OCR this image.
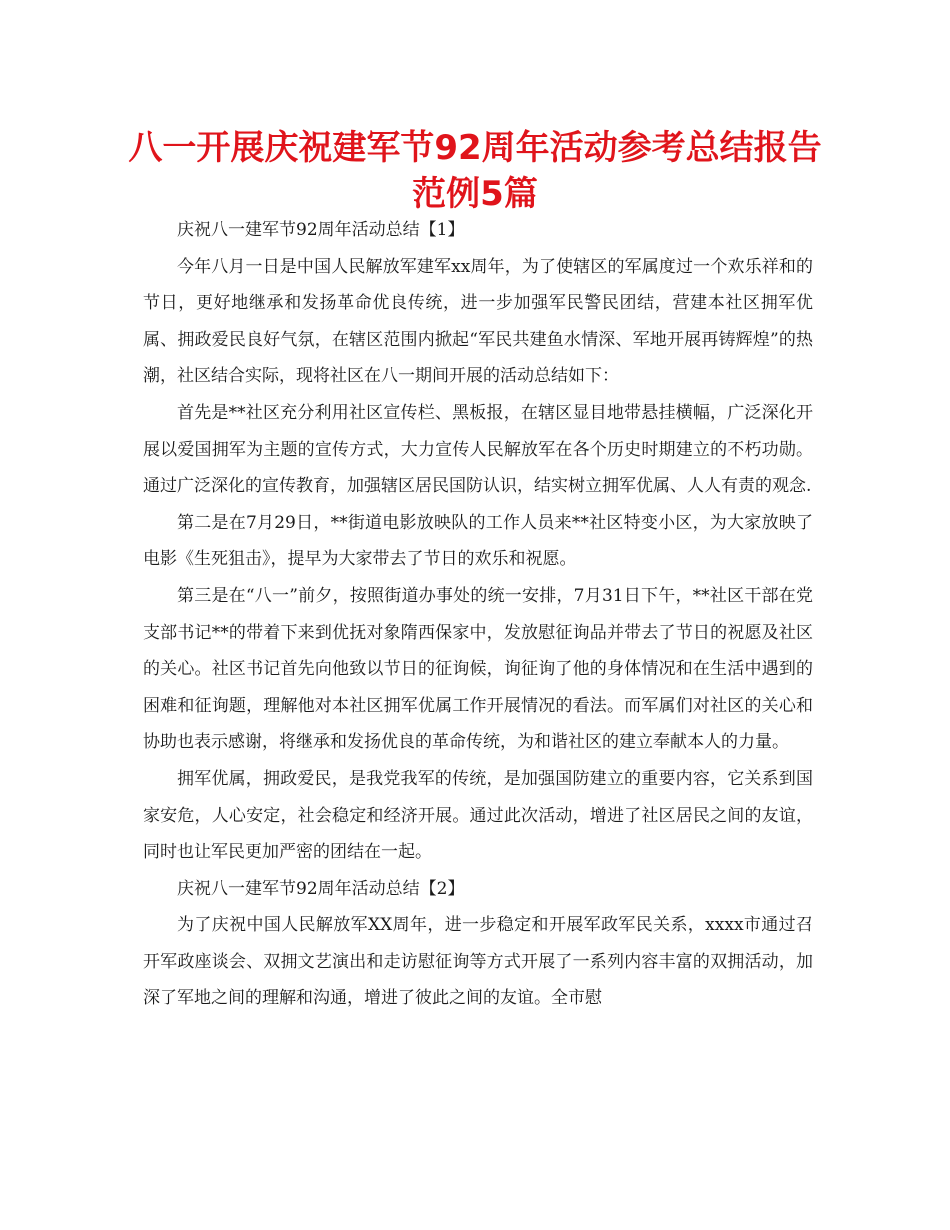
八一开展庆祝建军节92周年活动参考总结报告
范例5篇

庆祝八一建军节92周年活动总结【1】

今年八月一日是中国人民解放军建军xx周年，为了使辖区的军属度过一个欢乐祥和的节日，更好地继承和发扬革命优良传统，进一步加强军民警民团结，营建本社区拥军优属、拥政爱民良好气氛，在辖区范围内掀起“军民共建鱼水情深、军地开展再铸辉煌”的热潮，社区结合实际，现将社区在八一期间开展的活动总结如下：

首先是**社区充分利用社区宣传栏、黑板报，在辖区显目地带悬挂横幅，广泛深化开展以爱国拥军为主题的宣传方式，大力宣传人民解放军在各个历史时期建立的不朽功勋。通过广泛深化的宣传教育，加强辖区居民国防认识，结实树立拥军优属、人人有责的观念.

第二是在7月29日，**街道电影放映队的工作人员来**社区特变小区，为大家放映了电影《生死狙击》，提早为大家带去了节日的欢乐和祝愿。

第三是在“八一”前夕，按照街道办事处的统一安排，7月31日下午，**社区干部在党支部书记**的带着下来到优抚对象隋西保家中，发放慰征询品并带去了节日的祝愿及社区的关心。社区书记首先向他致以节日的征询候，询征询了他的身体情况和在生活中遇到的困难和征询题，理解他对本社区拥军优属工作开展情况的看法。而军属们对社区的关心和协助也表示感谢，将继承和发扬优良的革命传统，为和谐社区的建立奉献本人的力量。

拥军优属，拥政爱民，是我党我军的传统，是加强国防建立的重要内容，它关系到国家安危，人心安定，社会稳定和经济开展。通过此次活动，增进了社区居民之间的友谊，同时也让军民更加严密的团结在一起。

庆祝八一建军节92周年活动总结【2】

为了庆祝中国人民解放军XX周年，进一步稳定和开展军政军民关系，xxxx市通过召开军政座谈会、双拥文艺演出和走访慰征询等方式开展了一系列内容丰富的双拥活动，加深了军地之间的理解和沟通，增进了彼此之间的友谊。全市慰
